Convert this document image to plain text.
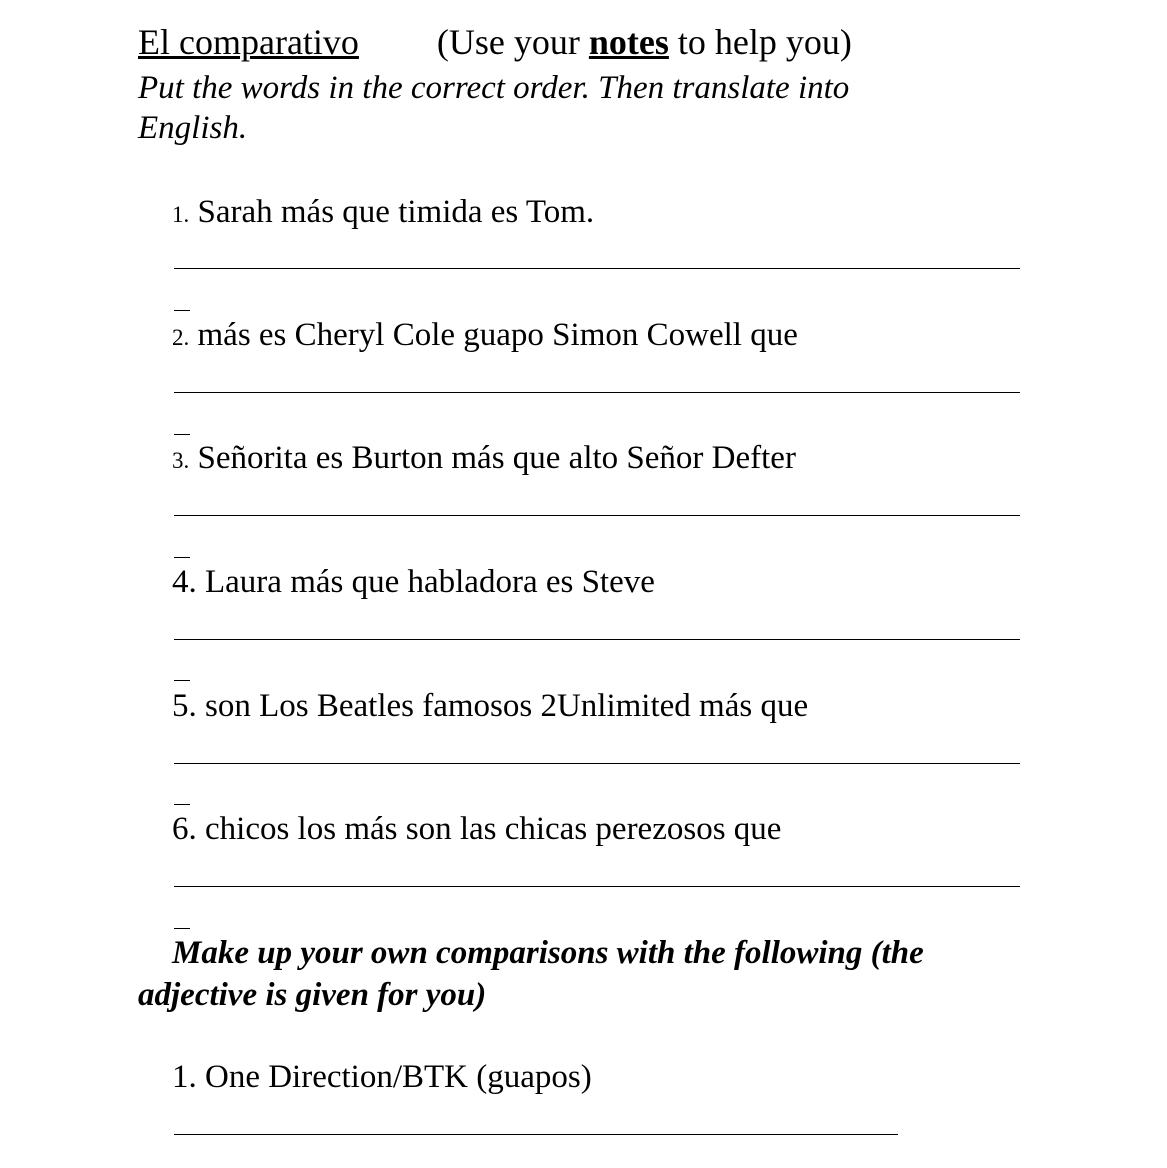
El comparativo (Use your notes to help you)
Put the words in the correct order. Then translate into
English.
1. Sarah más que timida es Tom.
2. más es Cheryl Cole guapo Simon Cowell que
3. Señorita es Burton más que alto Señor Defter
4. Laura más que habladora es Steve
5. son Los Beatles famosos 2Unlimited más que
6. chicos los más son las chicas perezosos que
Make up your own comparisons with the following (the
adjective is given for you)
1. One Direction/BTK (guapos)
